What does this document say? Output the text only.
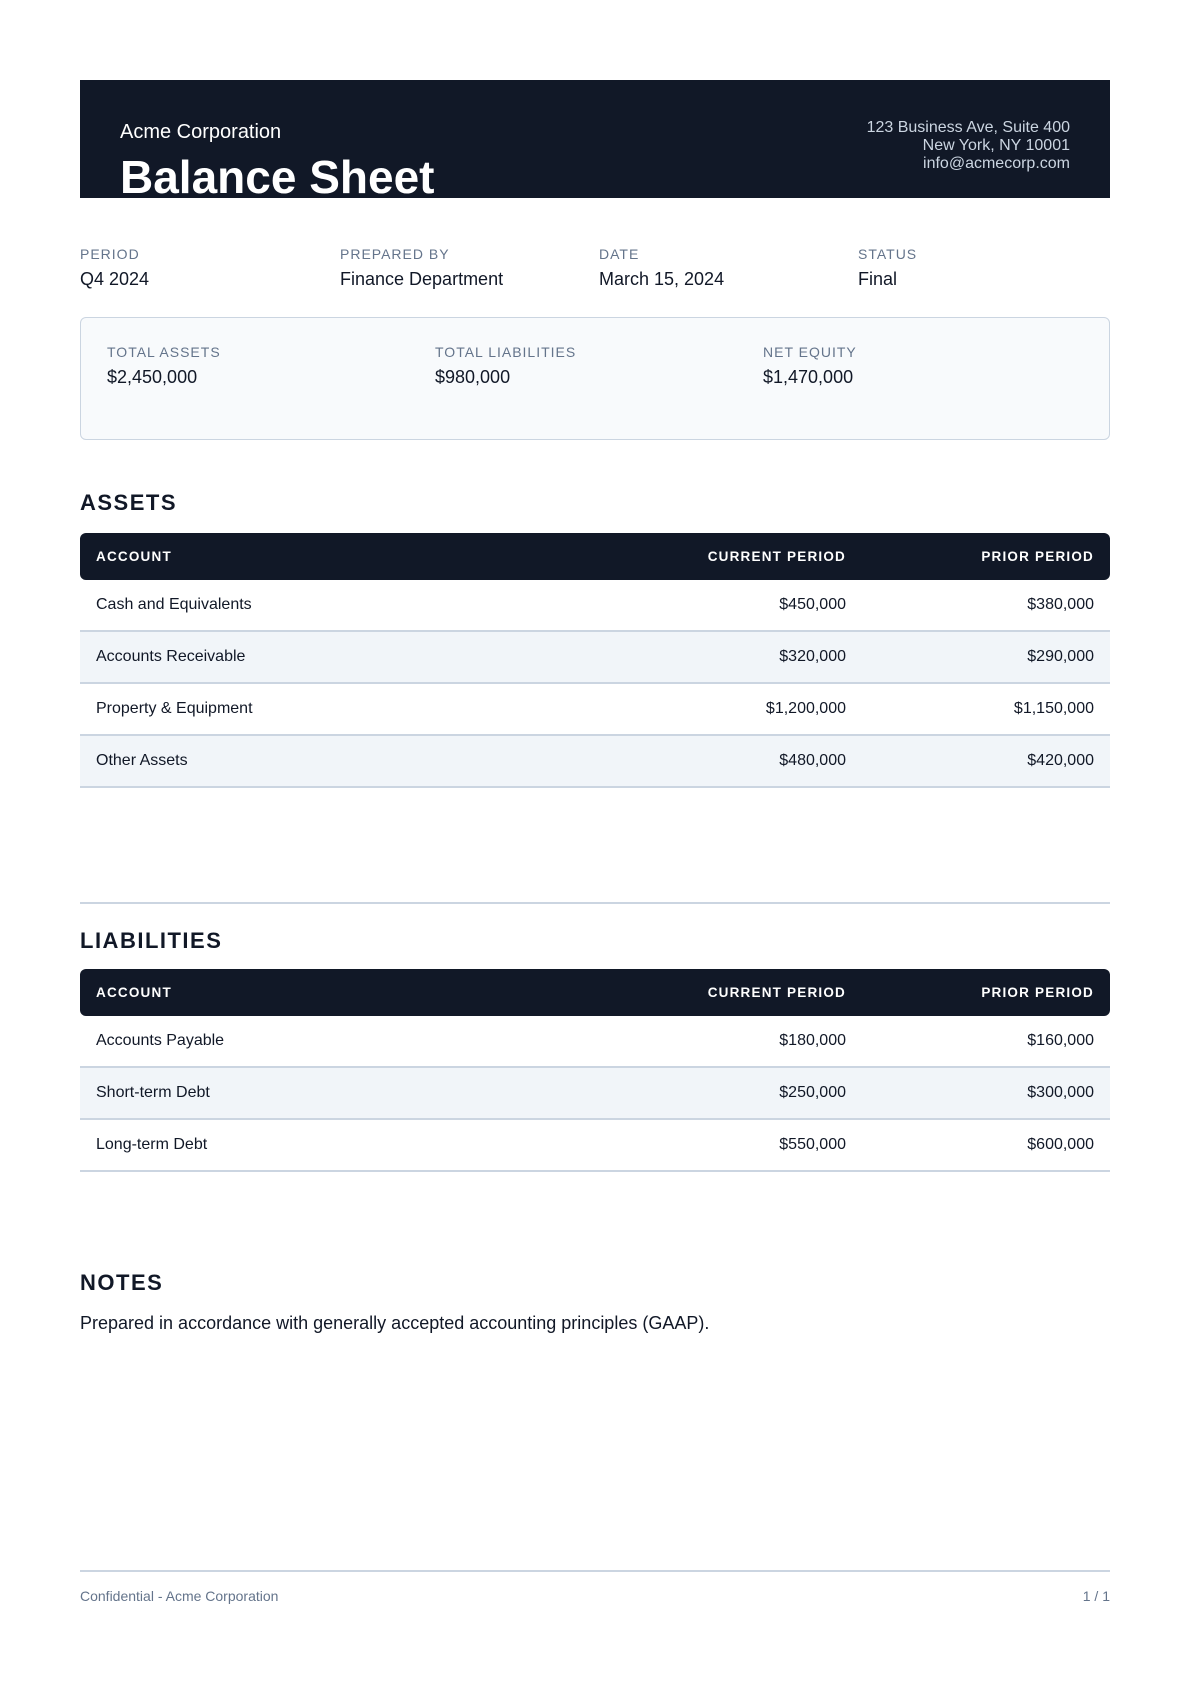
Acme Corporation
Balance Sheet
123 Business Ave, Suite 400
New York, NY 10001
info@acmecorp.com
PERIOD
Q4 2024
PREPARED BY
Finance Department
DATE
March 15, 2024
STATUS
Final
TOTAL ASSETS
$2,450,000
TOTAL LIABILITIES
$980,000
NET EQUITY
$1,470,000
ASSETS
ACCOUNT	CURRENT PERIOD	PRIOR PERIOD
Cash and Equivalents	$450,000	$380,000
Accounts Receivable	$320,000	$290,000
Property & Equipment	$1,200,000	$1,150,000
Other Assets	$480,000	$420,000
LIABILITIES
ACCOUNT	CURRENT PERIOD	PRIOR PERIOD
Accounts Payable	$180,000	$160,000
Short-term Debt	$250,000	$300,000
Long-term Debt	$550,000	$600,000
NOTES
Prepared in accordance with generally accepted accounting principles (GAAP).
Confidential - Acme Corporation	1 / 1
